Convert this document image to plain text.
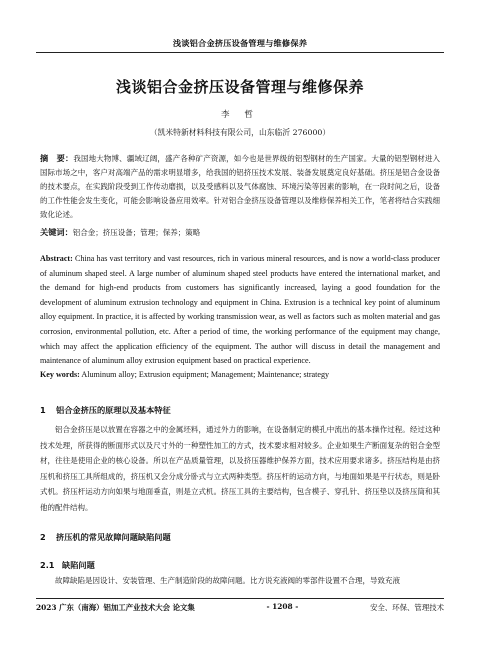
浅谈铝合金挤压设备管理与维修保养
浅谈铝合金挤压设备管理与维修保养
李 哲
（凯米特新材料科技有限公司，山东临沂 276000）
摘　要：我国地大物博、疆域辽阔，盛产各种矿产资源，如今也是世界级的铝型钢材的生产国家。大量的铝型钢材进入国际市场之中，客户对高端产品的需求明显增多，给我国的铝挤压技术发展、装备发展奠定良好基础。挤压是铝合金设备的技术要点，在实践阶段受到工作传动磨损，以及受感料以及气体腐蚀、环境污染等因素的影响，在一段时间之后，设备的工作性能会发生变化，可能会影响设备应用效率。针对铝合金挤压设备管理以及维修保养相关工作，笔者将结合实践细致化论述。
关键词：铝合金；挤压设备；管理；保养；策略
Abstract: China has vast territory and vast resources, rich in various mineral resources, and is now a world-class producer of aluminum shaped steel. A large number of aluminum shaped steel products have entered the international market, and the demand for high-end products from customers has significantly increased, laying a good foundation for the development of aluminum extrusion technology and equipment in China. Extrusion is a technical key point of aluminum alloy equipment. In practice, it is affected by working transmission wear, as well as factors such as molten material and gas corrosion, environmental pollution, etc. After a period of time, the working performance of the equipment may change, which may affect the application efficiency of the equipment. The author will discuss in detail the management and maintenance of aluminum alloy extrusion equipment based on practical experience.
Key words: Aluminum alloy; Extrusion equipment; Management; Maintenance; strategy
1 铝合金挤压的原理以及基本特征
铝合金挤压是以放置在容器之中的金属坯料，通过外力的影响，在设备制定的模孔中流出的基本操作过程。经过这种技术处理，所获得的断面形式以及尺寸外的一种塑性加工的方式，技术要求相对较多。企业如果生产断面复杂的铝合金型材，往往是使用企业的核心设备。所以在产品质量管理，以及挤压器维护保养方面，技术应用要求诸多。挤压结构是由挤压机和挤压工具所组成的，挤压机又会分成分卧式与立式两种类型。挤压杆的运动方向，与地面如果是平行状态，则是卧式机。挤压杆运动方向如果与地面垂直，则是立式机。挤压工具的主要结构，包含模子、穿孔针、挤压垫以及挤压筒和其他的配件结构。
2 挤压机的常见故障问题缺陷问题
2.1 缺陷问题
故障缺陷是因设计、安装管理、生产制造阶段的故障问题。比方说充液阀的零部件设置不合理，导致充液
2023 广东（南海）铝加工产业技术大会 论文集	- 1208 -	安全、环保、管理技术
